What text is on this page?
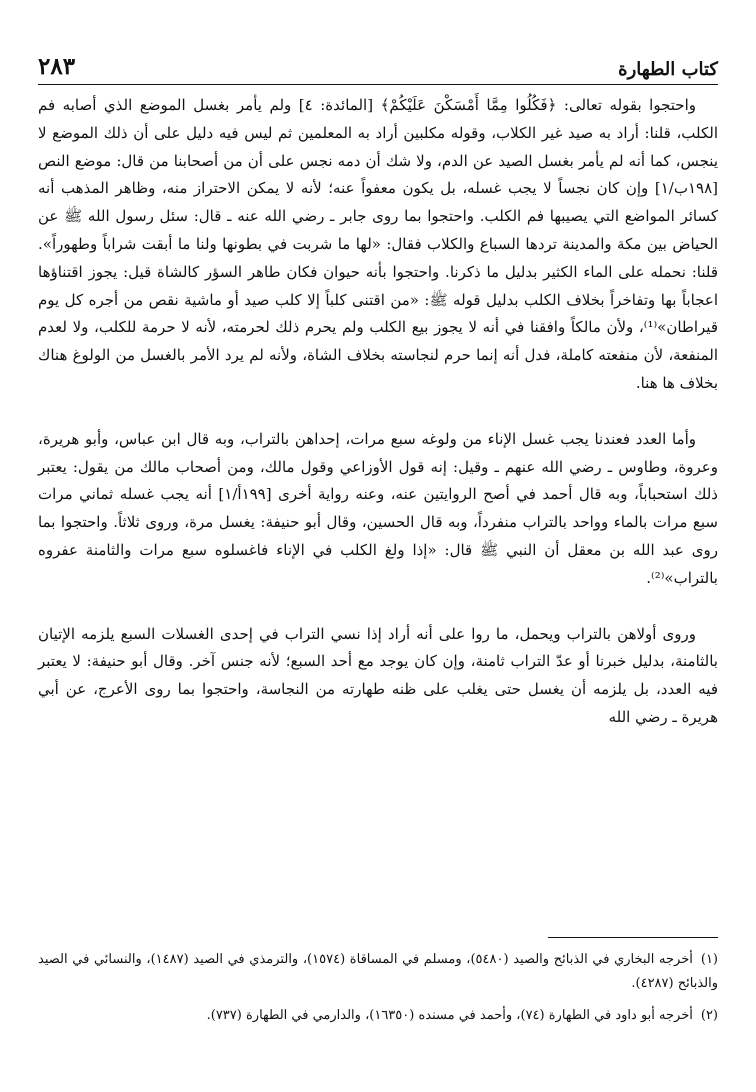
٢٨٣	كتاب الطهارة

واحتجوا بقوله تعالى: ﴿فَكُلُوا مِمَّا أَمْسَكْنَ عَلَيْكُمْ﴾ [المائدة: ٤] ولم يأمر بغسل الموضع الذي أصابه فم الكلب، قلنا: أراد به صيد غير الكلاب، وقوله مكلبين أراد به المعلمين ثم ليس فيه دليل على أن ذلك الموضع لا ينجس، كما أنه لم يأمر بغسل الصيد عن الدم، ولا شك أن دمه نجس على أن من أصحابنا من قال: موضع النص [١٩٨ب/١] وإن كان نجساً لا يجب غسله، بل يكون معفواً عنه؛ لأنه لا يمكن الاحتراز منه، وظاهر المذهب أنه كسائر المواضع التي يصيبها فم الكلب. واحتجوا بما روى جابر ـ رضي الله عنه ـ قال: سئل رسول الله ﷺ عن الحياض بين مكة والمدينة تردها السباع والكلاب فقال: «لها ما شربت في بطونها ولنا ما أبقت شراباً وطهوراً». قلنا: نحمله على الماء الكثير بدليل ما ذكرنا. واحتجوا بأنه حيوان فكان طاهر السؤر كالشاة قيل: يجوز اقتناؤها اعجاباً بها وتفاخراً بخلاف الكلب بدليل قوله ﷺ: «من اقتنى كلباً إلا كلب صيد أو ماشية نقص من أجره كل يوم قيراطان»⁽¹⁾، ولأن مالكاً وافقنا في أنه لا يجوز بيع الكلب ولم يحرم ذلك لحرمته، لأنه لا حرمة للكلب، ولا لعدم المنفعة، لأن منفعته كاملة، فدل أنه إنما حرم لنجاسته بخلاف الشاة، ولأنه لم يرد الأمر بالغسل من الولوغ هناك بخلاف ها هنا.

وأما العدد فعندنا يجب غسل الإناء من ولوغه سبع مرات، إحداهن بالتراب، وبه قال ابن عباس، وأبو هريرة، وعروة، وطاوس ـ رضي الله عنهم ـ وقيل: إنه قول الأوزاعي وقول مالك، ومن أصحاب مالك من يقول: يعتبر ذلك استحباباً، وبه قال أحمد في أصح الروايتين عنه، وعنه رواية أخرى [١٩٩أ/١] أنه يجب غسله ثماني مرات سبع مرات بالماء وواحد بالتراب منفرداً، وبه قال الحسين، وقال أبو حنيفة: يغسل مرة، وروى ثلاثاً. واحتجوا بما روى عبد الله بن معقل أن النبي ﷺ قال: «إذا ولغ الكلب في الإناء فاغسلوه سبع مرات والثامنة عفروه بالتراب»⁽²⁾.

وروى أولاهن بالتراب ويحمل، ما روا على أنه أراد إذا نسي التراب في إحدى الغسلات السبع يلزمه الإتيان بالثامنة، بدليل خبرنا أو عدّ التراب ثامنة، وإن كان يوجد مع أحد السبع؛ لأنه جنس آخر. وقال أبو حنيفة: لا يعتبر فيه العدد، بل يلزمه أن يغسل حتى يغلب على ظنه طهارته من النجاسة، واحتجوا بما روى الأعرج، عن أبي هريرة ـ رضي الله

(١)أخرجه البخاري في الذبائح والصيد (٥٤٨٠)، ومسلم في المساقاة (١٥٧٤)، والترمذي في الصيد (١٤٨٧)، والنسائي في الصيد والذبائح (٤٢٨٧).

(٢)أخرجه أبو داود في الطهارة (٧٤)، وأحمد في مسنده (١٦٣٥٠)، والدارمي في الطهارة (٧٣٧).
